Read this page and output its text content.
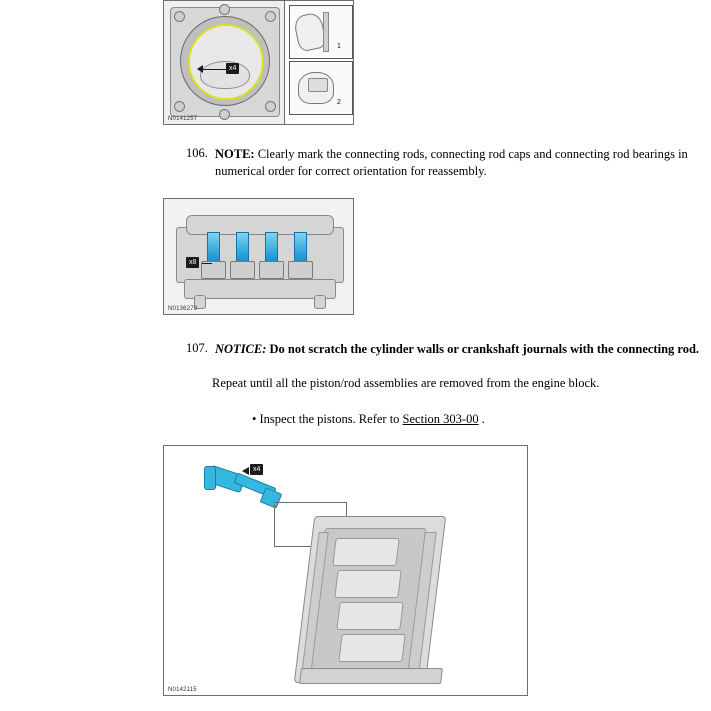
x4
1
2
N0141257
106. NOTE: Clearly mark the connecting rods, connecting rod caps and connecting rod bearings in numerical order for correct orientation for reassembly.
x8
N0136278
107. NOTICE: Do not scratch the cylinder walls or crankshaft journals with the connecting rod.
Repeat until all the piston/rod assemblies are removed from the engine block.
• Inspect the pistons. Refer to Section 303-00 .
x4
N0142115
